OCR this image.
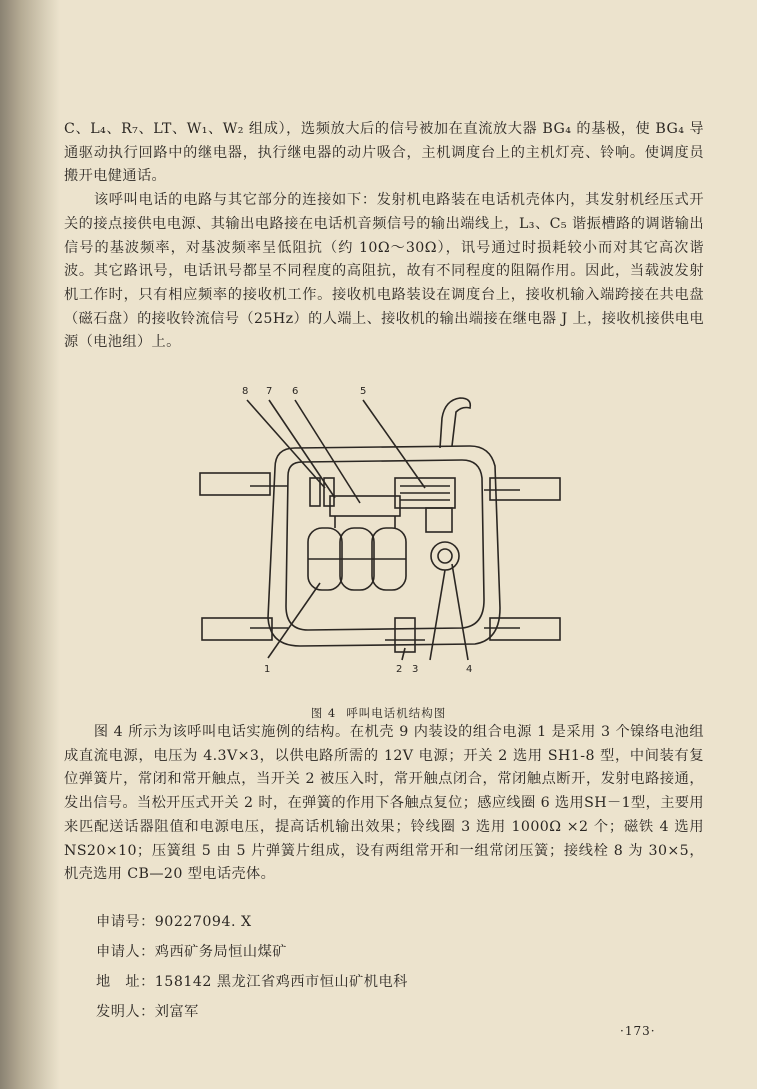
C、L₄、R₇、LT、W₁、W₂ 组成），选频放大后的信号被加在直流放大器 BG₄ 的基极，使 BG₄ 导通驱动执行回路中的继电器，执行继电器的动片吸合，主机调度台上的主机灯亮、铃响。使调度员搬开电健通话。

该呼叫电话的电路与其它部分的连接如下：发射机电路装在电话机壳体内，其发射机经压式开关的接点接供电电源、其输出电路接在电话机音频信号的输出端线上，L₃、C₅ 谐振槽路的调谐输出信号的基波频率，对基波频率呈低阻抗（约 10Ω～30Ω），讯号通过时损耗较小而对其它高次谐波。其它路讯号，电话讯号都呈不同程度的高阻抗，故有不同程度的阻隔作用。因此，当载波发射机工作时，只有相应频率的接收机工作。接收机电路装设在调度台上，接收机输入端跨接在共电盘（磁石盘）的接收铃流信号（25Hz）的人端上、接收机的输出端接在继电器 J 上，接收机接供电电源（电池组）上。

8 7 6	5
1	2 3	4
图 4 呼叫电话机结构图

图 4 所示为该呼叫电话实施例的结构。在机壳 9 内装设的组合电源 1 是采用 3 个镍络电池组成直流电源，电压为 4.3V×3，以供电路所需的 12V 电源；开关 2 选用 SH1-8 型，中间装有复位弹簧片，常闭和常开触点，当开关 2 被压入时，常开触点闭合，常闭触点断开，发射电路接通，发出信号。当松开压式开关 2 时，在弹簧的作用下各触点复位；感应线圈 6 选用SH－1型，主要用来匹配送话器阻值和电源电压，提高话机输出效果；铃线圈 3 选用 1000Ω ×2 个；磁铁 4 选用 NS20×10；压簧组 5 由 5 片弹簧片组成，设有两组常开和一组常闭压簧；接线栓 8 为 30×5，机壳选用 CB—20 型电话壳体。

申请号：90227094. X
申请人：鸡西矿务局恒山煤矿
地　址：158142 黑龙江省鸡西市恒山矿机电科
发明人：刘富军
·173·
